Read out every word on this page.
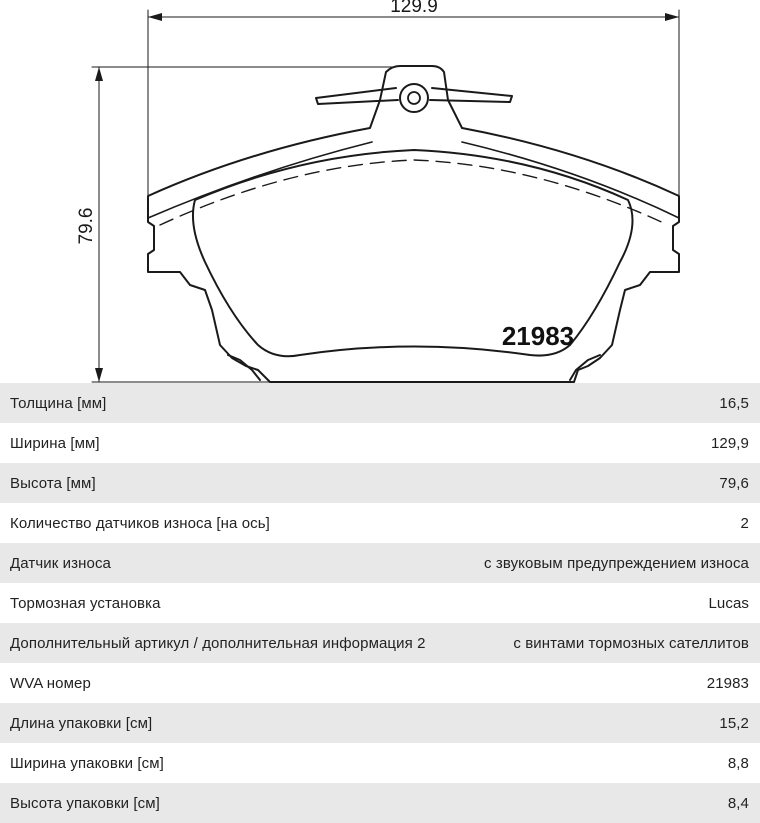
129.9
79.6
21983
Толщина [мм]	16,5
Ширина [мм]	129,9
Высота [мм]	79,6
Количество датчиков износа [на ось]	2
Датчик износа	с звуковым предупреждением износа
Тормозная установка	Lucas
Дополнительный артикул / дополнительная информация 2	с винтами тормозных сателлитов
WVA номер	21983
Длина упаковки [см]	15,2
Ширина упаковки [см]	8,8
Высота упаковки [см]	8,4
